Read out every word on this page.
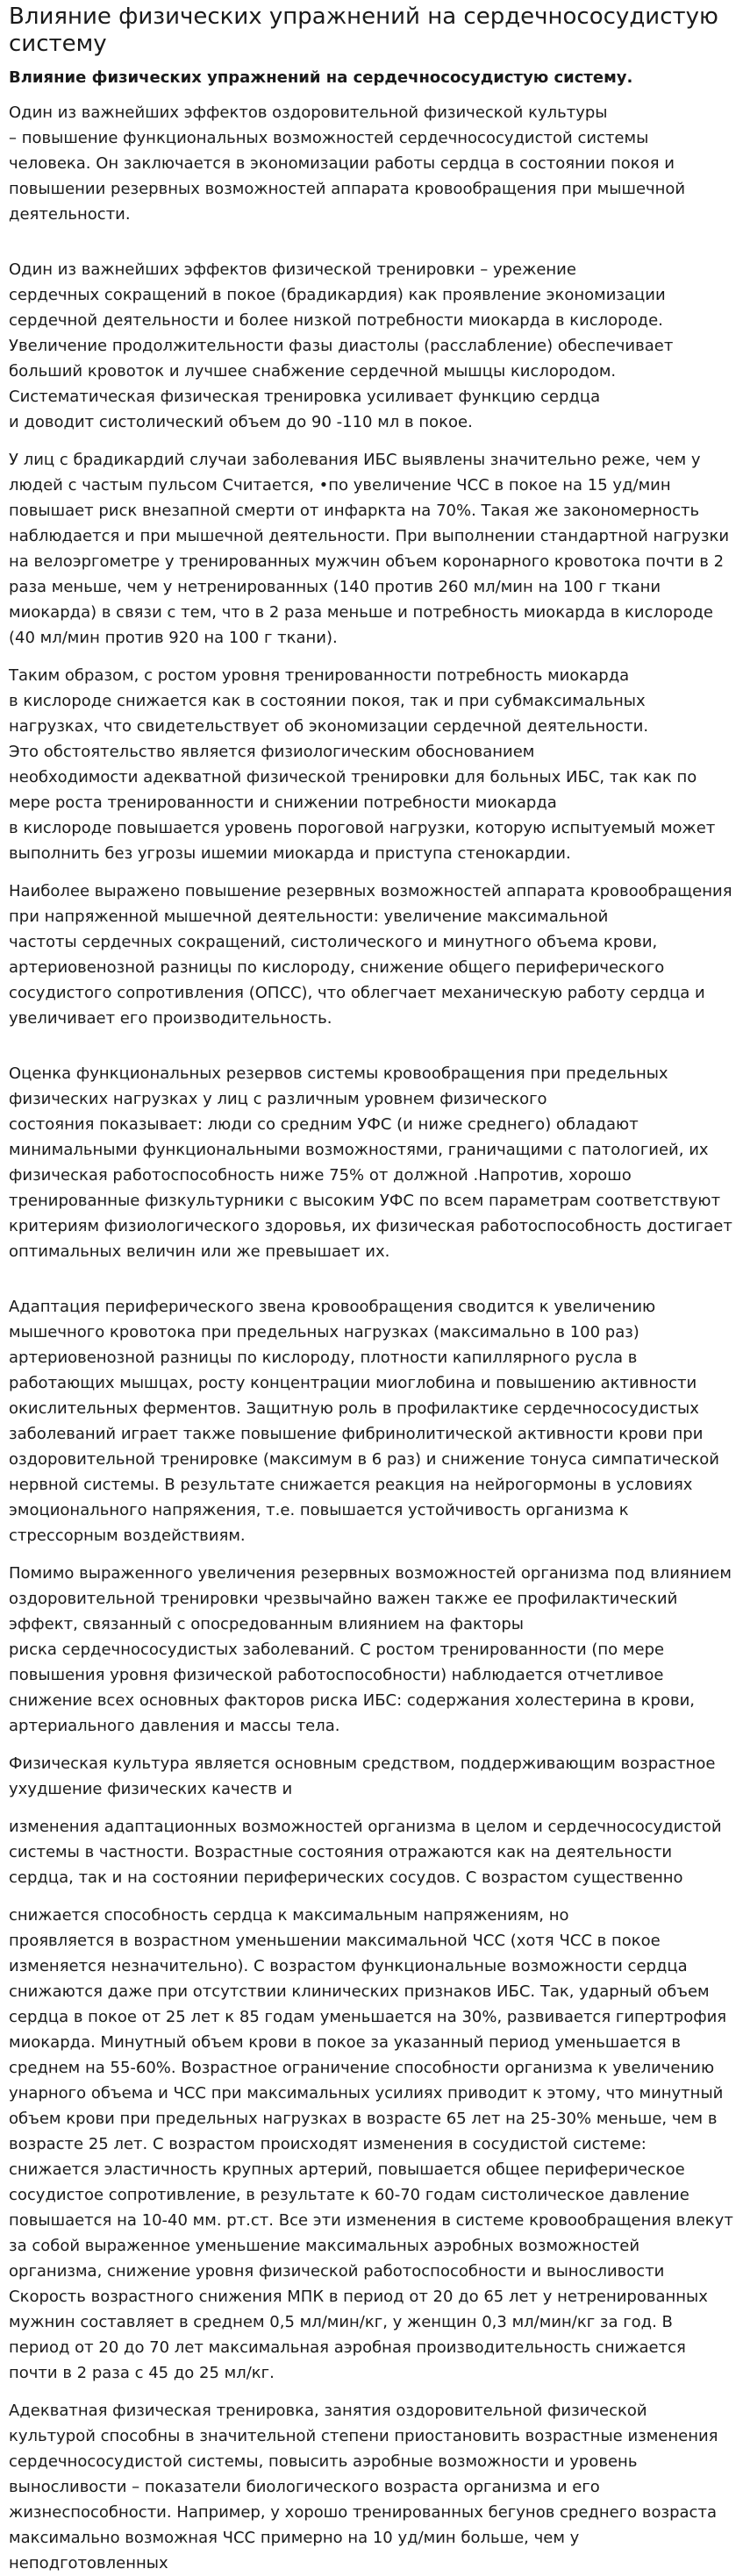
Влияние физических упражнений на сердечнососудистую систему
Влияние физических упражнений на сердечнососудистую систему.

Один из важнейших эффектов оздоровительной физической культуры
– повышение функциональных возможностей сердечнососудистой системы человека. Он заключается в экономизации работы сердца в состоянии покоя и повышении резервных возможностей аппарата кровообращения при мышечной деятельности.

Один из важнейших эффектов физической тренировки – урежение
сердечных сокращений в покое (брадикардия) как проявление экономизации сердечной деятельности и более низкой потребности миокарда в кислороде. Увеличение продолжительности фазы диастолы (расслабление) обеспечивает больший кровоток и лучшее снабжение сердечной мышцы кислородом. Систематическая физическая тренировка усиливает функцию сердца
и доводит систолический объем до 90 -110 мл в покое.

У лиц с брадикардий случаи заболевания ИБС выявлены значительно реже, чем у людей с частым пульсом Считается, •по увеличение ЧСС в покое на 15 уд/мин повышает риск внезапной смерти от инфаркта на 70%. Такая же закономерность наблюдается и при мышечной деятельности. При выполнении стандартной нагрузки на велоэргометре у тренированных мужчин объем коронарного кровотока почти в 2 раза меньше, чем у нетренированных (140 против 260 мл/мин на 100 г ткани миокарда) в связи с тем, что в 2 раза меньше и потребность миокарда в кислороде (40 мл/мин против 920 на 100 г ткани).

Таким образом, с ростом уровня тренированности потребность миокарда
в кислороде снижается как в состоянии покоя, так и при субмаксимальных нагрузках, что свидетельствует об экономизации сердечной деятельности.
Это обстоятельство является физиологическим обоснованием
необходимости адекватной физической тренировки для больных ИБС, так как по мере роста тренированности и снижении потребности миокарда
в кислороде повышается уровень пороговой нагрузки, которую испытуемый может выполнить без угрозы ишемии миокарда и приступа стенокардии.

Наиболее выражено повышение резервных возможностей аппарата кровообращения при напряженной мышечной деятельности: увеличение максимальной
частоты сердечных сокращений, систолического и минутного объема крови, артериовенозной разницы по кислороду, снижение общего периферического сосудистого сопротивления (ОПСС), что облегчает механическую работу сердца и увеличивает его производительность.

Оценка функциональных резервов системы кровообращения при предельных физических нагрузках у лиц с различным уровнем физического
состояния показывает: люди со средним УФС (и ниже среднего) обладают минимальными функциональными возможностями, граничащими с патологией, их физическая работоспособность ниже 75% от должной .Напротив, хорошо тренированные физкультурники с высоким УФС по всем параметрам соответствуют критериям физиологического здоровья, их физическая работоспособность достигает оптимальных величин или же превышает их.

Адаптация периферического звена кровообращения сводится к увеличению мышечного кровотока при предельных нагрузках (максимально в 100 раз) артериовенозной разницы по кислороду, плотности капиллярного русла в работающих мышцах, росту концентрации миоглобина и повышению активности окислительных ферментов. Защитную роль в профилактике сердечнососудистых заболеваний играет также повышение фибринолитической активности крови при оздоровительной тренировке (максимум в 6 раз) и снижение тонуса симпатической нервной системы. В результате снижается реакция на нейрогормоны в условиях эмоционального напряжения, т.е. повышается устойчивость организма к стрессорным воздействиям.

Помимо выраженного увеличения резервных возможностей организма под влиянием оздоровительной тренировки чрезвычайно важен также ее профилактический эффект, связанный с опосредованным влиянием на факторы
риска сердечнососудистых заболеваний. С ростом тренированности (по мере повышения уровня физической работоспособности) наблюдается отчетливое снижение всех основных факторов риска ИБС: содержания холестерина в крови, артериального давления и массы тела.

Физическая культура является основным средством, поддерживающим возрастное ухудшение физических качеств и

изменения адаптационных возможностей организма в целом и сердечнососудистой системы в частности. Возрастные состояния отражаются как на деятельности сердца, так и на состоянии периферических сосудов. С возрастом существенно

снижается способность сердца к максимальным напряжениям, но
проявляется в возрастном уменьшении максимальной ЧСС (хотя ЧСС в покое изменяется незначительно). С возрастом функциональные возможности сердца снижаются даже при отсутствии клинических признаков ИБС. Так, ударный объем сердца в покое от 25 лет к 85 годам уменьшается на 30%, развивается гипертрофия миокарда. Минутный объем крови в покое за указанный период уменьшается в среднем на 55-60%. Возрастное ограничение способности организма к увеличению унарного объема и ЧСС при максимальных усилиях приводит к этому, что минутный объем крови при предельных нагрузках в возрасте 65 лет на 25-30% меньше, чем в возрасте 25 лет. С возрастом происходят изменения в сосудистой системе: снижается эластичность крупных артерий, повышается общее периферическое сосудистое сопротивление, в результате к 60-70 годам систолическое давление повышается на 10-40 мм. рт.ст. Все эти изменения в системе кровообращения влекут за собой выраженное уменьшение максимальных аэробных возможностей организма, снижение уровня физической работоспособности и выносливости Скорость возрастного снижения МПК в период от 20 до 65 лет у нетренированных мужнин составляет в среднем 0,5 мл/мин/кг, у женщин 0,3 мл/мин/кг за год. В период от 20 до 70 лет максимальная аэробная производительность снижается почти в 2 раза с 45 до 25 мл/кг.

Адекватная физическая тренировка, занятия оздоровительной физической культурой способны в значительной степени приостановить возрастные изменения сердечнососудистой системы, повысить аэробные возможности и уровень выносливости – показатели биологического возраста организма и его жизнеспособности. Например, у хорошо тренированных бегунов среднего возраста максимально возможная ЧСС примерно на 10 уд/мин больше, чем у неподготовленных
